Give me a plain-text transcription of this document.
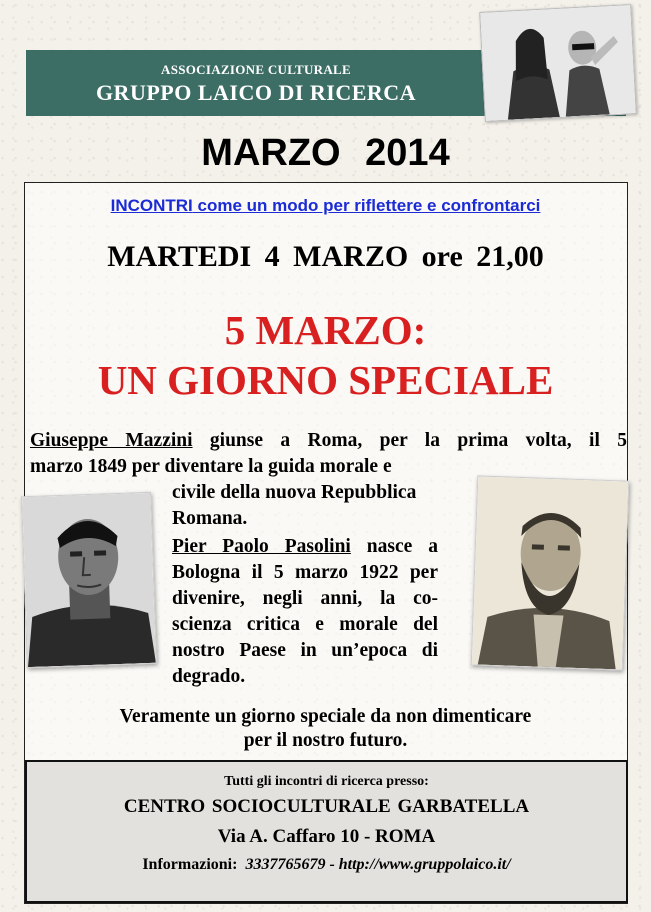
ASSOCIAZIONE CULTURALE
GRUPPO LAICO DI RICERCA
MARZO 2014
INCONTRI come un modo per riflettere e confrontarci
MARTEDI 4 MARZO ore 21,00
5 MARZO:
UN GIORNO SPECIALE
Giuseppe Mazzini giunse a Roma, per la prima volta, il 5
marzo 1849 per diventare la guida morale e
civile della nuova Repubblica
Romana.
Pier Paolo Pasolini nasce a
Bologna il 5 marzo 1922 per
divenire, negli anni, la co-
scienza critica e morale del
nostro Paese in un’epoca di
degrado.
Veramente un giorno speciale da non dimenticare
per il nostro futuro.
Tutti gli incontri di ricerca presso:
CENTRO SOCIOCULTURALE GARBATELLA
Via A. Caffaro 10 - ROMA
Informazioni: 3337765679 - http://www.gruppolaico.it/
